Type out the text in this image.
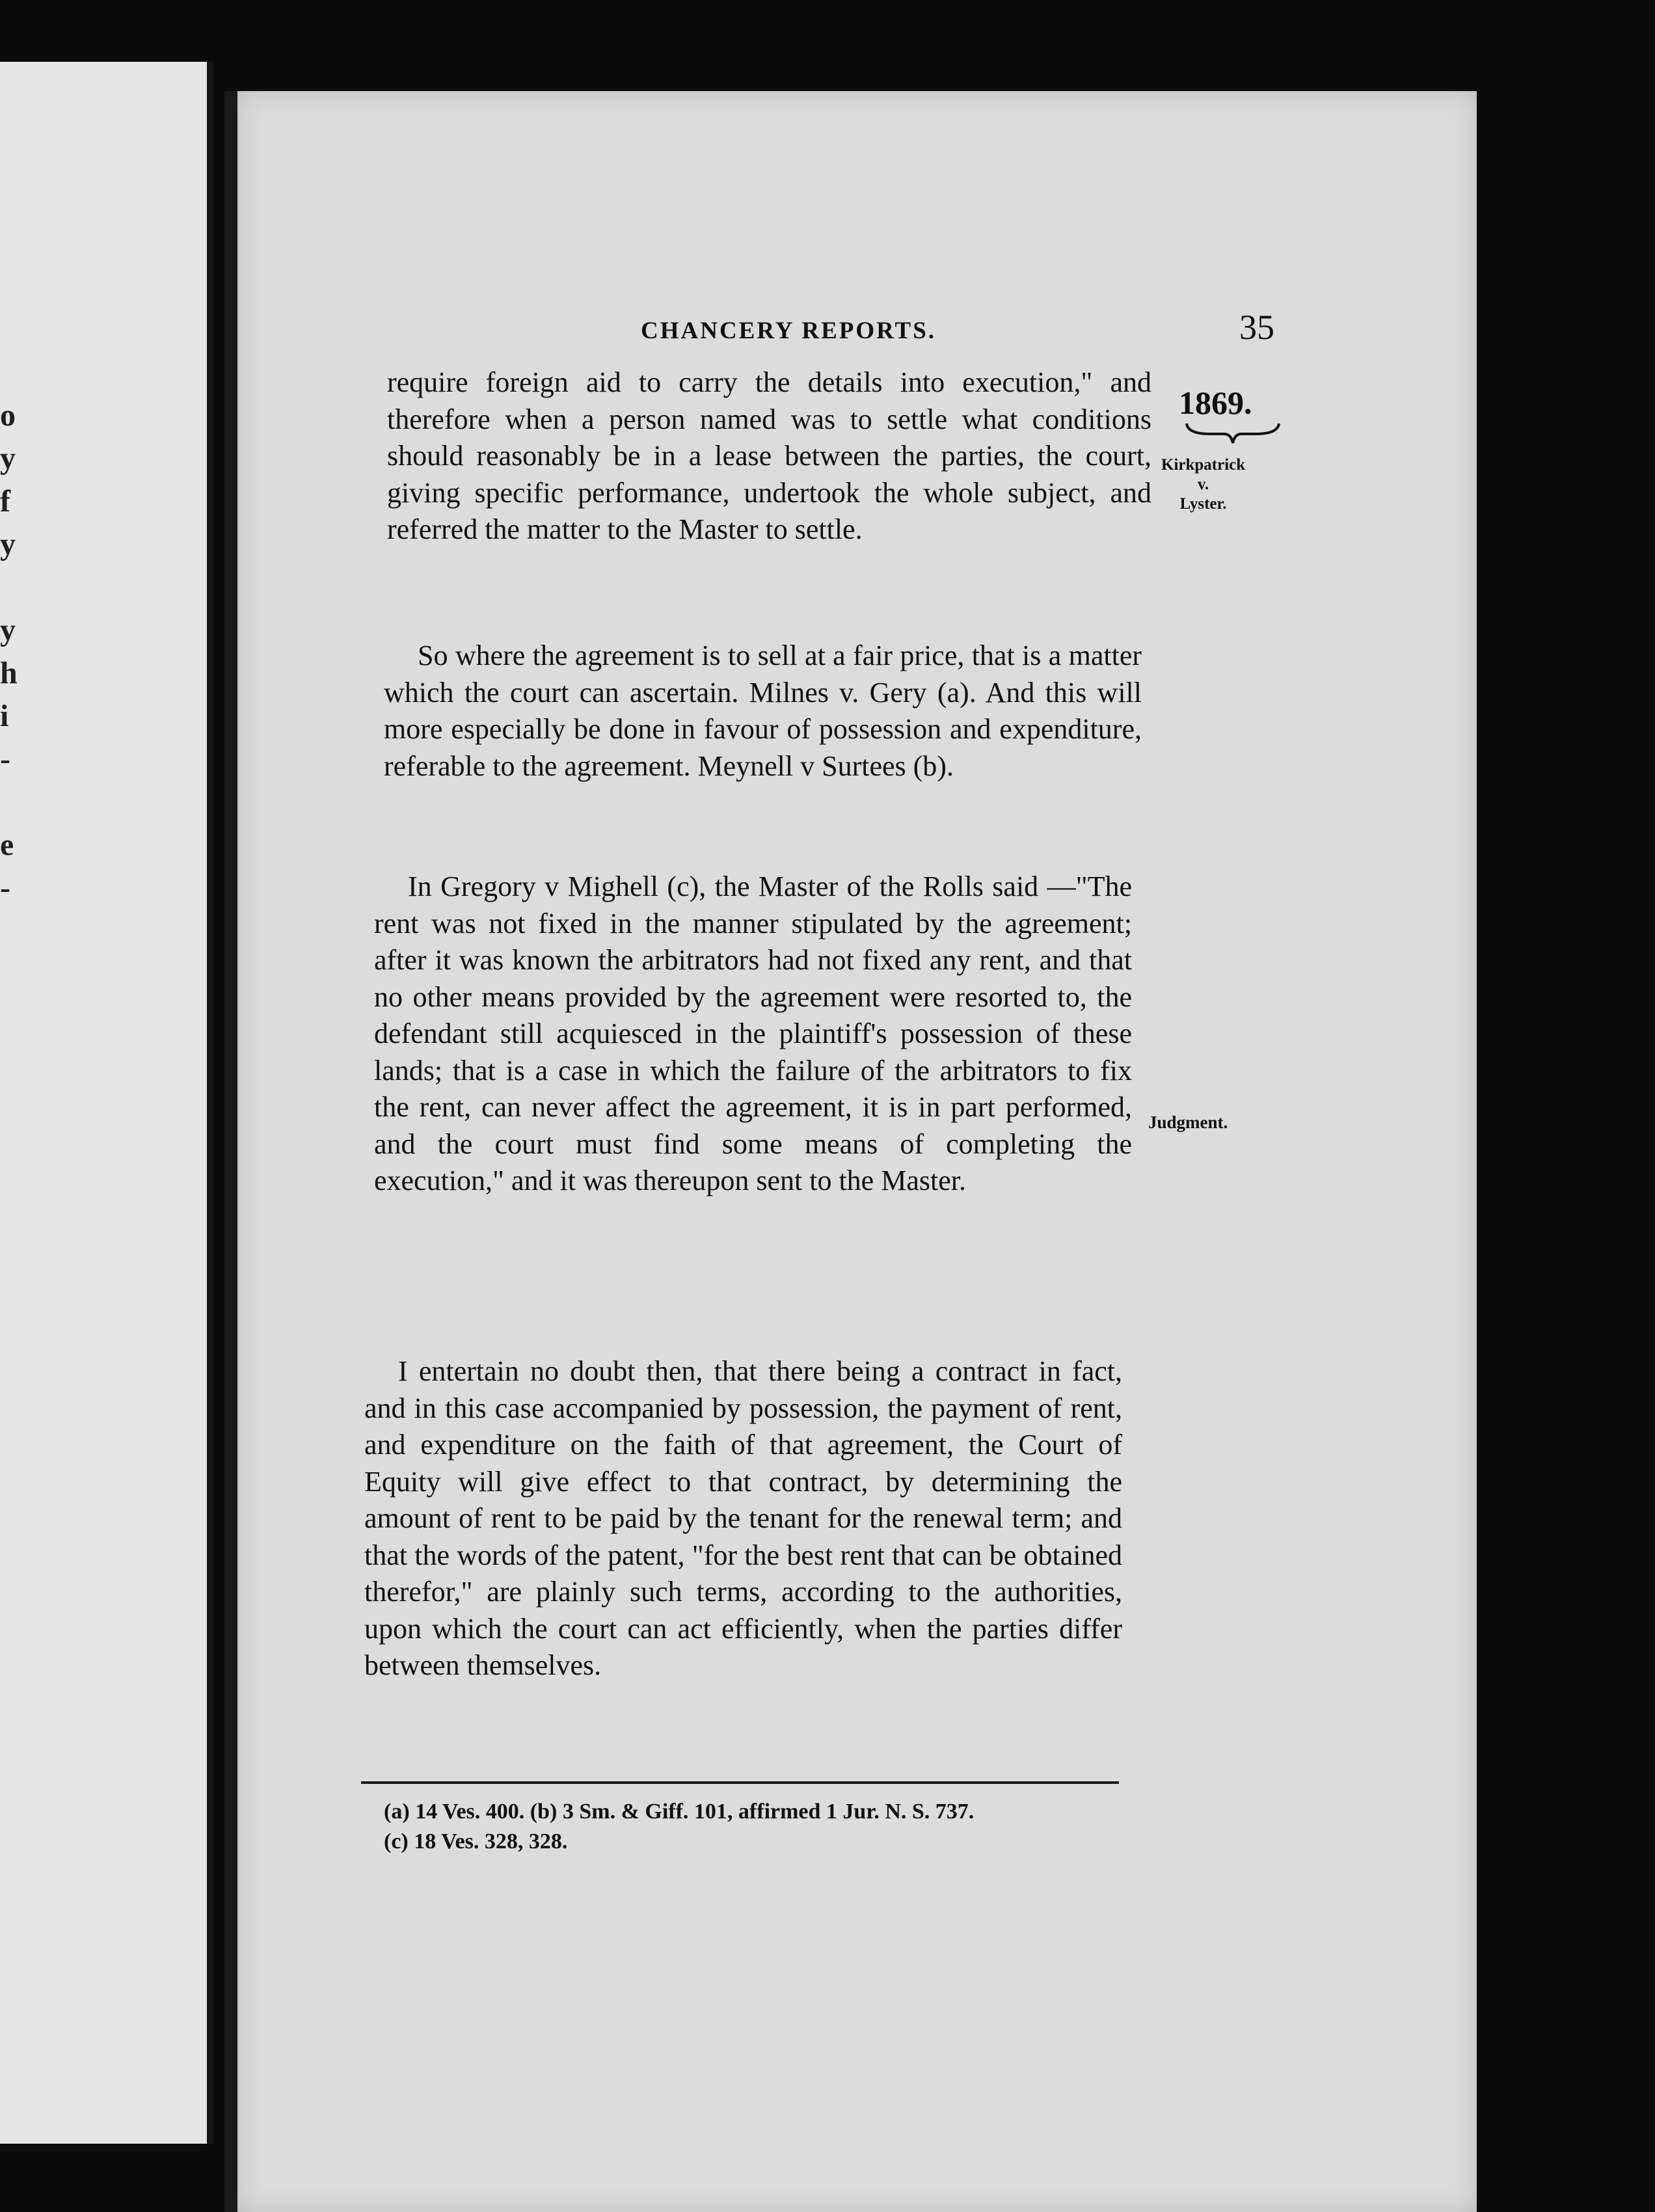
o
y
f
y
y
h
i
-
e
-
CHANCERY REPORTS.	35
1869.
Kirkpatrick
v.
Lyster.
Judgment.

require foreign aid to carry the details into execution," and therefore when a person named was to settle what conditions should reasonably be in a lease between the parties, the court, giving specific performance, undertook the whole subject, and referred the matter to the Master to settle.

So where the agreement is to sell at a fair price, that is a matter which the court can ascertain. Milnes v. Gery (a). And this will more especially be done in favour of possession and expenditure, referable to the agreement. Meynell v Surtees (b).

In Gregory v Mighell (c), the Master of the Rolls said —"The rent was not fixed in the manner stipulated by the agreement; after it was known the arbitrators had not fixed any rent, and that no other means provided by the agreement were resorted to, the defendant still acquiesced in the plaintiff's possession of these lands; that is a case in which the failure of the arbitrators to fix the rent, can never affect the agreement, it is in part performed, and the court must find some means of completing the execution," and it was thereupon sent to the Master.

I entertain no doubt then, that there being a contract in fact, and in this case accompanied by possession, the payment of rent, and expenditure on the faith of that agreement, the Court of Equity will give effect to that contract, by determining the amount of rent to be paid by the tenant for the renewal term; and that the words of the patent, "for the best rent that can be obtained therefor," are plainly such terms, according to the authorities, upon which the court can act efficiently, when the parties differ between themselves.

(a) 14 Ves. 400. (b) 3 Sm. & Giff. 101, affirmed 1 Jur. N. S. 737.

(c) 18 Ves. 328, 328.
